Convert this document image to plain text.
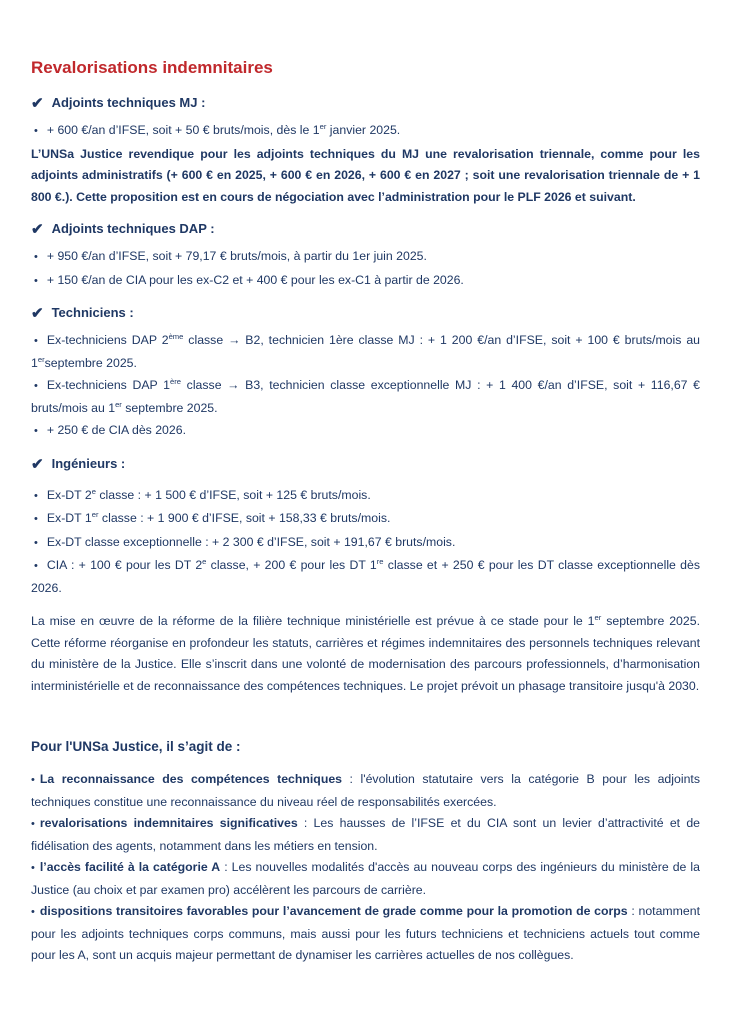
Revalorisations indemnitaires
✔ Adjoints techniques MJ :

• + 600 €/an d’IFSE, soit + 50 € bruts/mois, dès le 1er janvier 2025.

L’UNSa Justice revendique pour les adjoints techniques du MJ une revalorisation triennale, comme pour les adjoints administratifs (+ 600 € en 2025, + 600 € en 2026, + 600 € en 2027 ; soit une revalorisation triennale de + 1 800 €.). Cette proposition est en cours de négociation avec l’administration pour le PLF 2026 et suivant.

✔ Adjoints techniques DAP :

• + 950 €/an d’IFSE, soit + 79,17 € bruts/mois, à partir du 1er juin 2025.

• + 150 €/an de CIA pour les ex-C2 et + 400 € pour les ex-C1 à partir de 2026.

✔ Techniciens :

• Ex-techniciens DAP 2ème classe → B2, technicien 1ère classe MJ : + 1 200 €/an d’IFSE, soit + 100 € bruts/mois au 1erseptembre 2025.

• Ex-techniciens DAP 1ère classe → B3, technicien classe exceptionnelle MJ : + 1 400 €/an d’IFSE, soit + 116,67 € bruts/mois au 1er septembre 2025.

• + 250 € de CIA dès 2026.

✔ Ingénieurs :

• Ex-DT 2e classe : + 1 500 € d’IFSE, soit + 125 € bruts/mois.

• Ex-DT 1er classe : + 1 900 € d’IFSE, soit + 158,33 € bruts/mois.

• Ex-DT classe exceptionnelle : + 2 300 € d’IFSE, soit + 191,67 € bruts/mois.

• CIA : + 100 € pour les DT 2e classe, + 200 € pour les DT 1re classe et + 250 € pour les DT classe exceptionnelle dès 2026.

La mise en œuvre de la réforme de la filière technique ministérielle est prévue à ce stade pour le 1er septembre 2025. Cette réforme réorganise en profondeur les statuts, carrières et régimes indemnitaires des personnels techniques relevant du ministère de la Justice. Elle s’inscrit dans une volonté de modernisation des parcours professionnels, d’harmonisation interministérielle et de reconnaissance des compétences techniques. Le projet prévoit un phasage transitoire jusqu'à 2030.

Pour l'UNSa Justice, il s’agit de :

• La reconnaissance des compétences techniques : l'évolution statutaire vers la catégorie B pour les adjoints techniques constitue une reconnaissance du niveau réel de responsabilités exercées.

• revalorisations indemnitaires significatives : Les hausses de l’IFSE et du CIA sont un levier d’attractivité et de fidélisation des agents, notamment dans les métiers en tension.

• l’accès facilité à la catégorie A : Les nouvelles modalités d'accès au nouveau corps des ingénieurs du ministère de la Justice (au choix et par examen pro) accélèrent les parcours de carrière.

• dispositions transitoires favorables pour l’avancement de grade comme pour la promotion de corps : notamment pour les adjoints techniques corps communs, mais aussi pour les futurs techniciens et techniciens actuels tout comme pour les A, sont un acquis majeur permettant de dynamiser les carrières actuelles de nos collègues.
